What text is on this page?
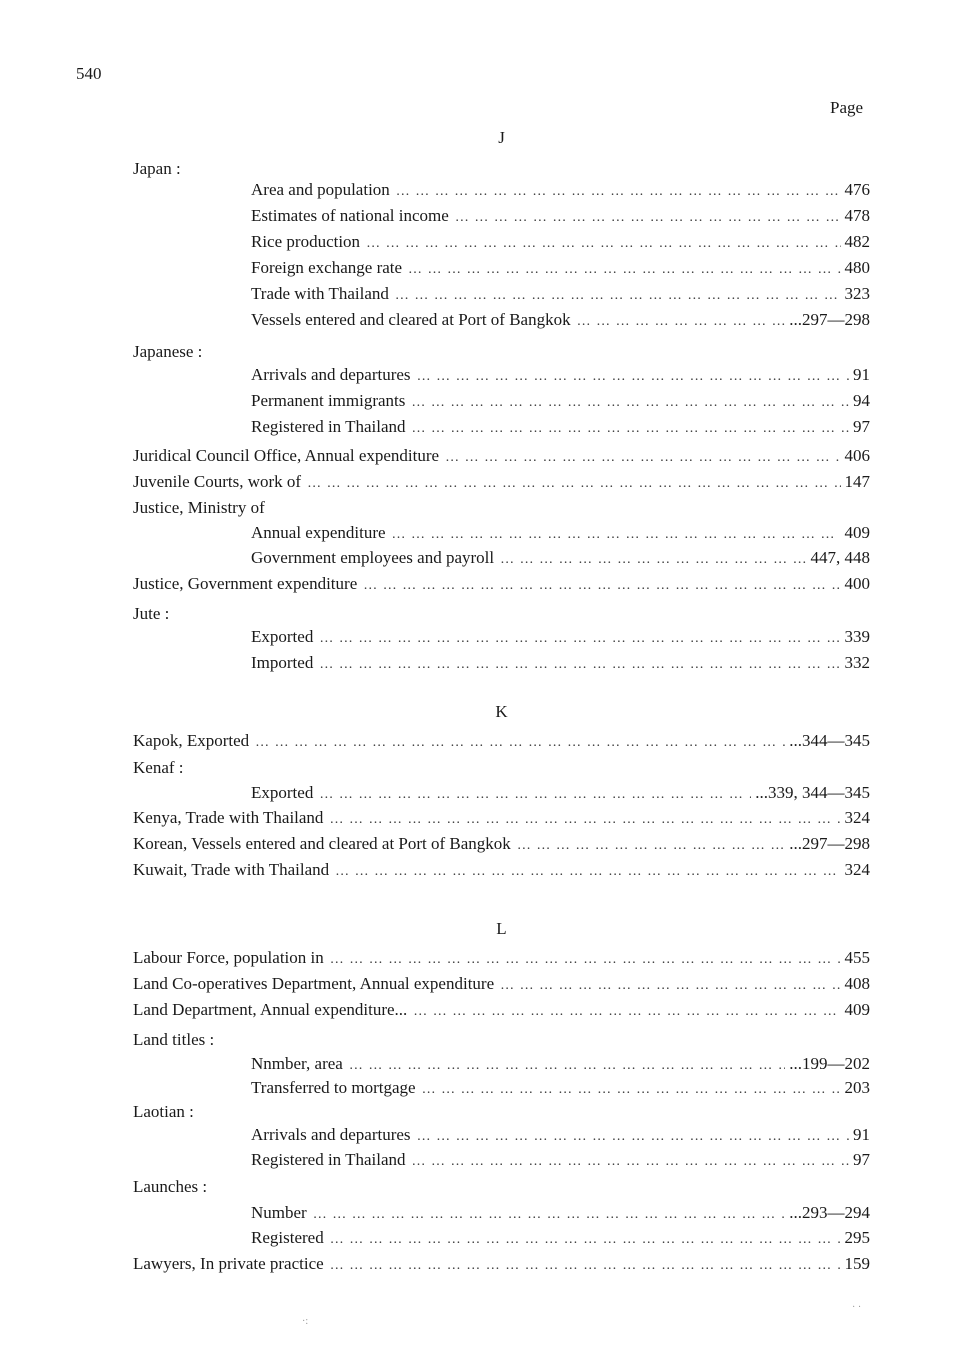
540
Page
J
Japan :
Area and population … … … … … … … … … … … … … … … … … … … … … … … … … … … … … … … … … … … … … … …	476
Estimates of national income … … … … … … … … … … … … … … … … … … … … … … … … … … … … … … … … … … … … … … …	478
Rice production … … … … … … … … … … … … … … … … … … … … … … … … … … … … … … … … … … … … … … …	482
Foreign exchange rate … … … … … … … … … … … … … … … … … … … … … … … … … … … … … … … … … … … … … … …	480
Trade with Thailand … … … … … … … … … … … … … … … … … … … … … … … … … … … … … … … … … … … … … … …	323
Vessels entered and cleared at Port of Bangkok … … … … … … … … … … … … … … … … … … … … … … … … … … … … … … … … … … … … … … …	...297—298
Japanese :
Arrivals and departures … … … … … … … … … … … … … … … … … … … … … … … … … … … … … … … … … … … … … … …	91
Permanent immigrants … … … … … … … … … … … … … … … … … … … … … … … … … … … … … … … … … … … … … … …	94
Registered in Thailand … … … … … … … … … … … … … … … … … … … … … … … … … … … … … … … … … … … … … … …	97
Juridical Council Office, Annual expenditure … … … … … … … … … … … … … … … … … … … … … … … … … … … … … … … … … … … … … … …	406
Juvenile Courts, work of … … … … … … … … … … … … … … … … … … … … … … … … … … … … … … … … … … … … … … …	147
Justice, Ministry of
Annual expenditure … … … … … … … … … … … … … … … … … … … … … … … … … … … … … … … … … … … … … … …	409
Government employees and payroll … … … … … … … … … … … … … … … … … … … … … … … … … … … … … … … … … … … … … … …	447, 448
Justice, Government expenditure … … … … … … … … … … … … … … … … … … … … … … … … … … … … … … … … … … … … … … …	400
Jute :
Exported … … … … … … … … … … … … … … … … … … … … … … … … … … … … … … … … … … … … … … …	339
Imported … … … … … … … … … … … … … … … … … … … … … … … … … … … … … … … … … … … … … … …	332
K
Kapok, Exported … … … … … … … … … … … … … … … … … … … … … … … … … … … … … … … … … … … … … … …	...344—345
Kenaf :
Exported … … … … … … … … … … … … … … … … … … … … … … … … … … … … … … … … … … … … … … …	...339, 344—345
Kenya, Trade with Thailand … … … … … … … … … … … … … … … … … … … … … … … … … … … … … … … … … … … … … … …	324
Korean, Vessels entered and cleared at Port of Bangkok … … … … … … … … … … … … … … … … … … … … … … … … … … … … … … … … … … … … … … …	...297—298
Kuwait, Trade with Thailand … … … … … … … … … … … … … … … … … … … … … … … … … … … … … … … … … … … … … … …	324
L
Labour Force, population in … … … … … … … … … … … … … … … … … … … … … … … … … … … … … … … … … … … … … … …	455
Land Co-operatives Department, Annual expenditure … … … … … … … … … … … … … … … … … … … … … … … … … … … … … … … … … … … … … … …	408
Land Department, Annual expenditure... … … … … … … … … … … … … … … … … … … … … … … … … … … … … … … … … … … … … … … …	409
Land titles :
Nnmber, area … … … … … … … … … … … … … … … … … … … … … … … … … … … … … … … … … … … … … … …	...199—202
Transferred to mortgage … … … … … … … … … … … … … … … … … … … … … … … … … … … … … … … … … … … … … … …	203
Laotian :
Arrivals and departures … … … … … … … … … … … … … … … … … … … … … … … … … … … … … … … … … … … … … … …	91
Registered in Thailand … … … … … … … … … … … … … … … … … … … … … … … … … … … … … … … … … … … … … … …	97
Launches :
Number … … … … … … … … … … … … … … … … … … … … … … … … … … … … … … … … … … … … … … …	...293—294
Registered … … … … … … … … … … … … … … … … … … … … … … … … … … … … … … … … … … … … … … …	295
Lawyers, In private practice … … … … … … … … … … … … … … … … … … … … … … … … … … … … … … … … … … … … … … …	159
·:
· ·
